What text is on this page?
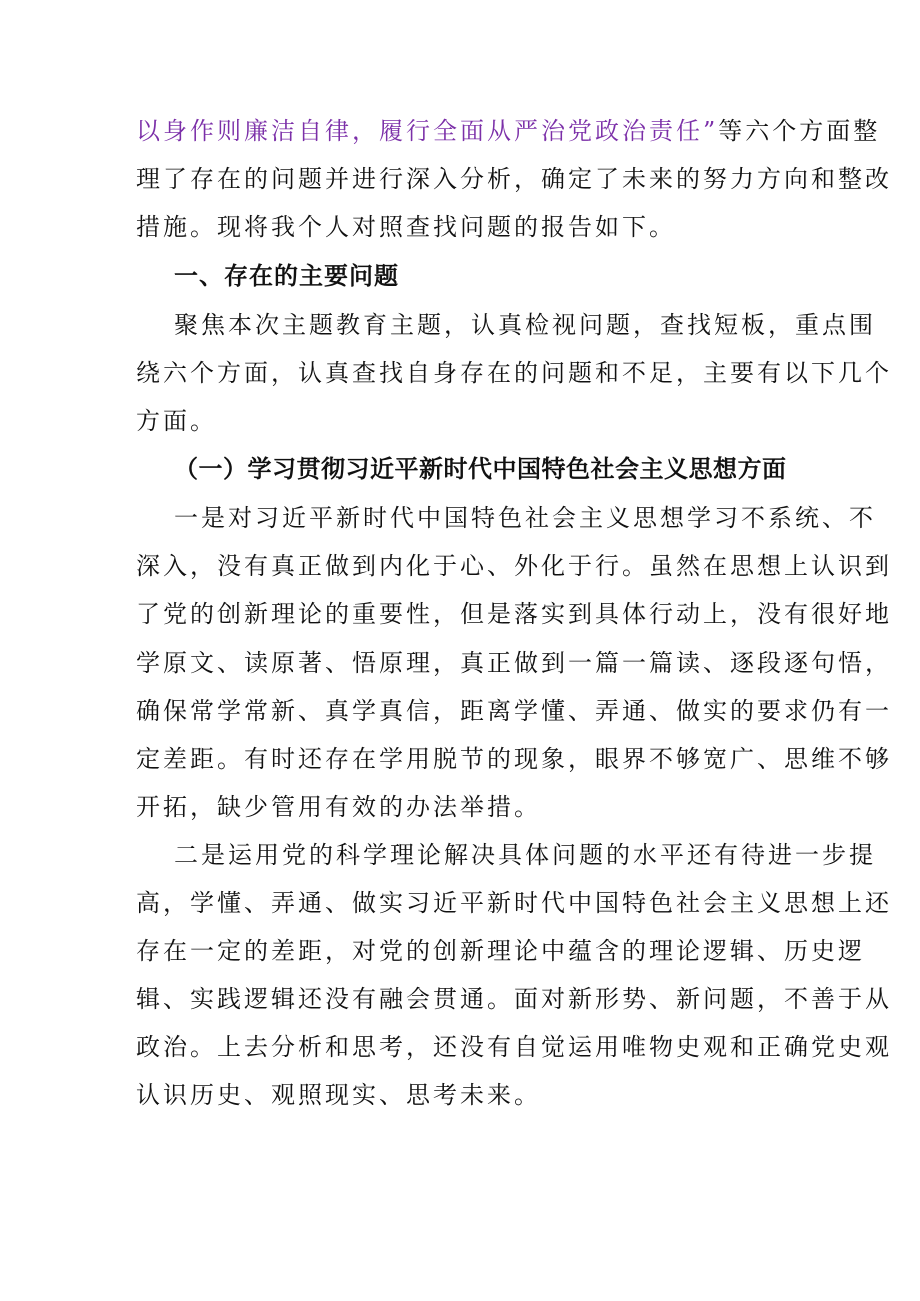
以身作则廉洁自律，履行全面从严治党政治责任”等六个方面整
理了存在的问题并进行深入分析，确定了未来的努力方向和整改
措施。现将我个人对照查找问题的报告如下。
一、存在的主要问题
聚焦本次主题教育主题，认真检视问题，查找短板，重点围
绕六个方面，认真查找自身存在的问题和不足，主要有以下几个
方面。
（一）学习贯彻习近平新时代中国特色社会主义思想方面
一是对习近平新时代中国特色社会主义思想学习不系统、不
深入，没有真正做到内化于心、外化于行。虽然在思想上认识到
了党的创新理论的重要性，但是落实到具体行动上，没有很好地
学原文、读原著、悟原理，真正做到一篇一篇读、逐段逐句悟，
确保常学常新、真学真信，距离学懂、弄通、做实的要求仍有一
定差距。有时还存在学用脱节的现象，眼界不够宽广、思维不够
开拓，缺少管用有效的办法举措。
二是运用党的科学理论解决具体问题的水平还有待进一步提
高，学懂、弄通、做实习近平新时代中国特色社会主义思想上还
存在一定的差距，对党的创新理论中蕴含的理论逻辑、历史逻
辑、实践逻辑还没有融会贯通。面对新形势、新问题，不善于从
政治。上去分析和思考，还没有自觉运用唯物史观和正确党史观
认识历史、观照现实、思考未来。
